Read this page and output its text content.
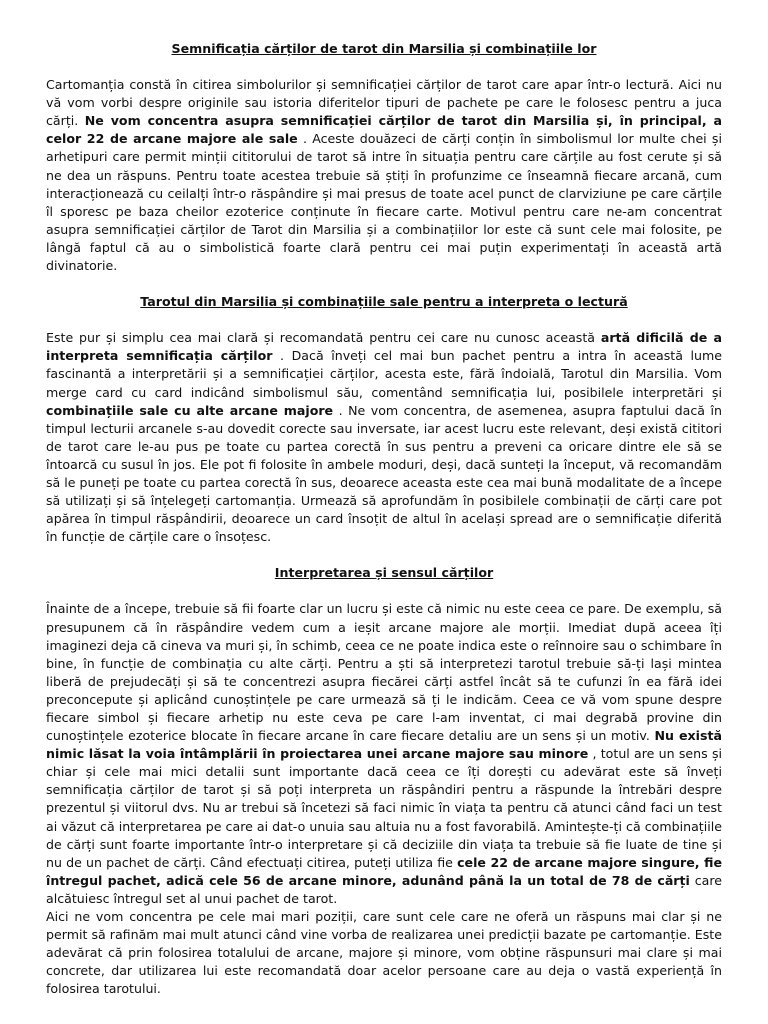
Semnificația cărților de tarot din Marsilia și combinațiile lor

Cartomanția constă în citirea simbolurilor și semnificației cărților de tarot care apar într-o lectură. Aici nu vă vom vorbi despre originile sau istoria diferitelor tipuri de pachete pe care le folosesc pentru a juca cărți. Ne vom concentra asupra semnificației cărților de tarot din Marsilia și, în principal, a celor 22 de arcane majore ale sale . Aceste douăzeci de cărți conțin în simbolismul lor multe chei și arhetipuri care permit minții cititorului de tarot să intre în situația pentru care cărțile au fost cerute și să ne dea un răspuns. Pentru toate acestea trebuie să știți în profunzime ce înseamnă fiecare arcană, cum interacționează cu ceilalți într-o răspândire și mai presus de toate acel punct de clarviziune pe care cărțile îl sporesc pe baza cheilor ezoterice conținute în fiecare carte. Motivul pentru care ne-am concentrat asupra semnificației cărților de Tarot din Marsilia și a combinațiilor lor este că sunt cele mai folosite, pe lângă faptul că au o simbolistică foarte clară pentru cei mai puțin experimentați în această artă divinatorie.

Tarotul din Marsilia și combinațiile sale pentru a interpreta o lectură

Este pur și simplu cea mai clară și recomandată pentru cei care nu cunosc această artă dificilă de a interpreta semnificația cărților . Dacă înveți cel mai bun pachet pentru a intra în această lume fascinantă a interpretării și a semnificației cărților, acesta este, fără îndoială, Tarotul din Marsilia. Vom merge card cu card indicând simbolismul său, comentând semnificația lui, posibilele interpretări și combinațiile sale cu alte arcane majore . Ne vom concentra, de asemenea, asupra faptului dacă în timpul lecturii arcanele s-au dovedit corecte sau inversate, iar acest lucru este relevant, deși există cititori de tarot care le-au pus pe toate cu partea corectă în sus pentru a preveni ca oricare dintre ele să se întoarcă cu susul în jos. Ele pot fi folosite în ambele moduri, deși, dacă sunteți la început, vă recomandăm să le puneți pe toate cu partea corectă în sus, deoarece aceasta este cea mai bună modalitate de a începe să utilizați și să înțelegeți cartomanția. Urmează să aprofundăm în posibilele combinații de cărți care pot apărea în timpul răspândirii, deoarece un card însoțit de altul în același spread are o semnificație diferită în funcție de cărțile care o însoțesc.

Interpretarea și sensul cărților

Înainte de a începe, trebuie să fii foarte clar un lucru și este că nimic nu este ceea ce pare. De exemplu, să presupunem că în răspândire vedem cum a ieșit arcane majore ale morții. Imediat după aceea îți imaginezi deja că cineva va muri și, în schimb, ceea ce ne poate indica este o reînnoire sau o schimbare în bine, în funcție de combinația cu alte cărți. Pentru a ști să interpretezi tarotul trebuie să-ți lași mintea liberă de prejudecăți și să te concentrezi asupra fiecărei cărți astfel încât să te cufunzi în ea fără idei preconcepute și aplicând cunoștințele pe care urmează să ți le indicăm. Ceea ce vă vom spune despre fiecare simbol și fiecare arhetip nu este ceva pe care l-am inventat, ci mai degrabă provine din cunoștințele ezoterice blocate în fiecare arcane în care fiecare detaliu are un sens și un motiv. Nu există nimic lăsat la voia întâmplării în proiectarea unei arcane majore sau minore , totul are un sens și chiar și cele mai mici detalii sunt importante dacă ceea ce îți dorești cu adevărat este să înveți semnificația cărților de tarot și să poți interpreta un răspândiri pentru a răspunde la întrebări despre prezentul și viitorul dvs. Nu ar trebui să încetezi să faci nimic în viața ta pentru că atunci când faci un test ai văzut că interpretarea pe care ai dat-o unuia sau altuia nu a fost favorabilă. Amintește-ți că combinațiile de cărți sunt foarte importante într-o interpretare și că deciziile din viața ta trebuie să fie luate de tine și nu de un pachet de cărți. Când efectuați citirea, puteți utiliza fie cele 22 de arcane majore singure, fie întregul pachet, adică cele 56 de arcane minore, adunând până la un total de 78 de cărți care alcătuiesc întregul set al unui pachet de tarot.

Aici ne vom concentra pe cele mai mari poziții, care sunt cele care ne oferă un răspuns mai clar și ne permit să rafinăm mai mult atunci când vine vorba de realizarea unei predicții bazate pe cartomanție. Este adevărat că prin folosirea totalului de arcane, majore și minore, vom obține răspunsuri mai clare și mai concrete, dar utilizarea lui este recomandată doar acelor persoane care au deja o vastă experiență în folosirea tarotului.
